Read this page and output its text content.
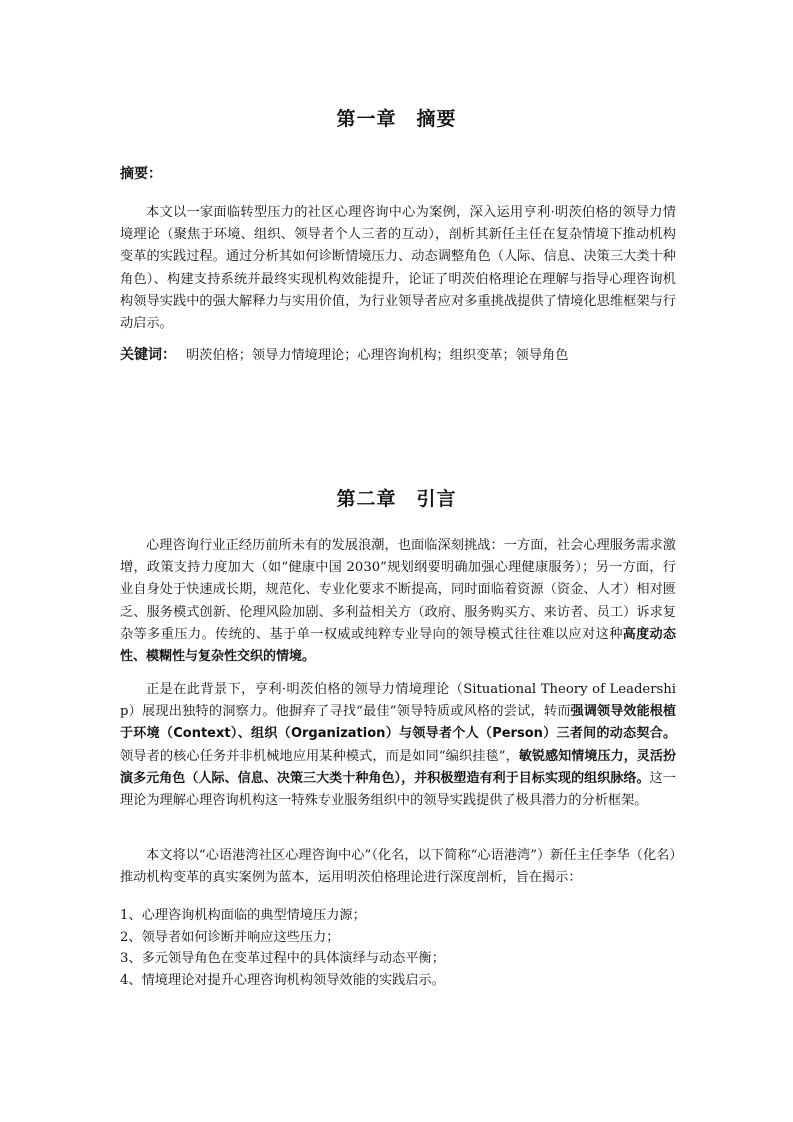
第一章　摘要

摘要：

本文以一家面临转型压力的社区心理咨询中心为案例，深入运用亨利·明茨伯格的领导力情境理论（聚焦于环境、组织、领导者个人三者的互动），剖析其新任主任在复杂情境下推动机构变革的实践过程。通过分析其如何诊断情境压力、动态调整角色（人际、信息、决策三大类十种角色）、构建支持系统并最终实现机构效能提升，论证了明茨伯格理论在理解与指导心理咨询机构领导实践中的强大解释力与实用价值，为行业领导者应对多重挑战提供了情境化思维框架与行动启示。

关键词： 明茨伯格；领导力情境理论；心理咨询机构；组织变革；领导角色

第二章　引言

心理咨询行业正经历前所未有的发展浪潮，也面临深刻挑战：一方面，社会心理服务需求激增，政策支持力度加大（如“健康中国 2030”规划纲要明确加强心理健康服务）；另一方面，行业自身处于快速成长期，规范化、专业化要求不断提高，同时面临着资源（资金、人才）相对匮乏、服务模式创新、伦理风险加剧、多利益相关方（政府、服务购买方、来访者、员工）诉求复杂等多重压力。传统的、基于单一权威或纯粹专业导向的领导模式往往难以应对这种高度动态性、模糊性与复杂性交织的情境。

正是在此背景下，亨利·明茨伯格的领导力情境理论（Situational Theory of Leadership）展现出独特的洞察力。他摒弃了寻找“最佳”领导特质或风格的尝试，转而强调领导效能根植于环境（Context）、组织（Organization）与领导者个人（Person）三者间的动态契合。领导者的核心任务并非机械地应用某种模式，而是如同“编织挂毯”，敏锐感知情境压力，灵活扮演多元角色（人际、信息、决策三大类十种角色），并积极塑造有利于目标实现的组织脉络。这一理论为理解心理咨询机构这一特殊专业服务组织中的领导实践提供了极具潜力的分析框架。

本文将以“心语港湾社区心理咨询中心”（化名，以下简称“心语港湾”）新任主任李华（化名）推动机构变革的真实案例为蓝本，运用明茨伯格理论进行深度剖析，旨在揭示：

1、心理咨询机构面临的典型情境压力源；
2、领导者如何诊断并响应这些压力；
3、多元领导角色在变革过程中的具体演绎与动态平衡；
4、情境理论对提升心理咨询机构领导效能的实践启示。
